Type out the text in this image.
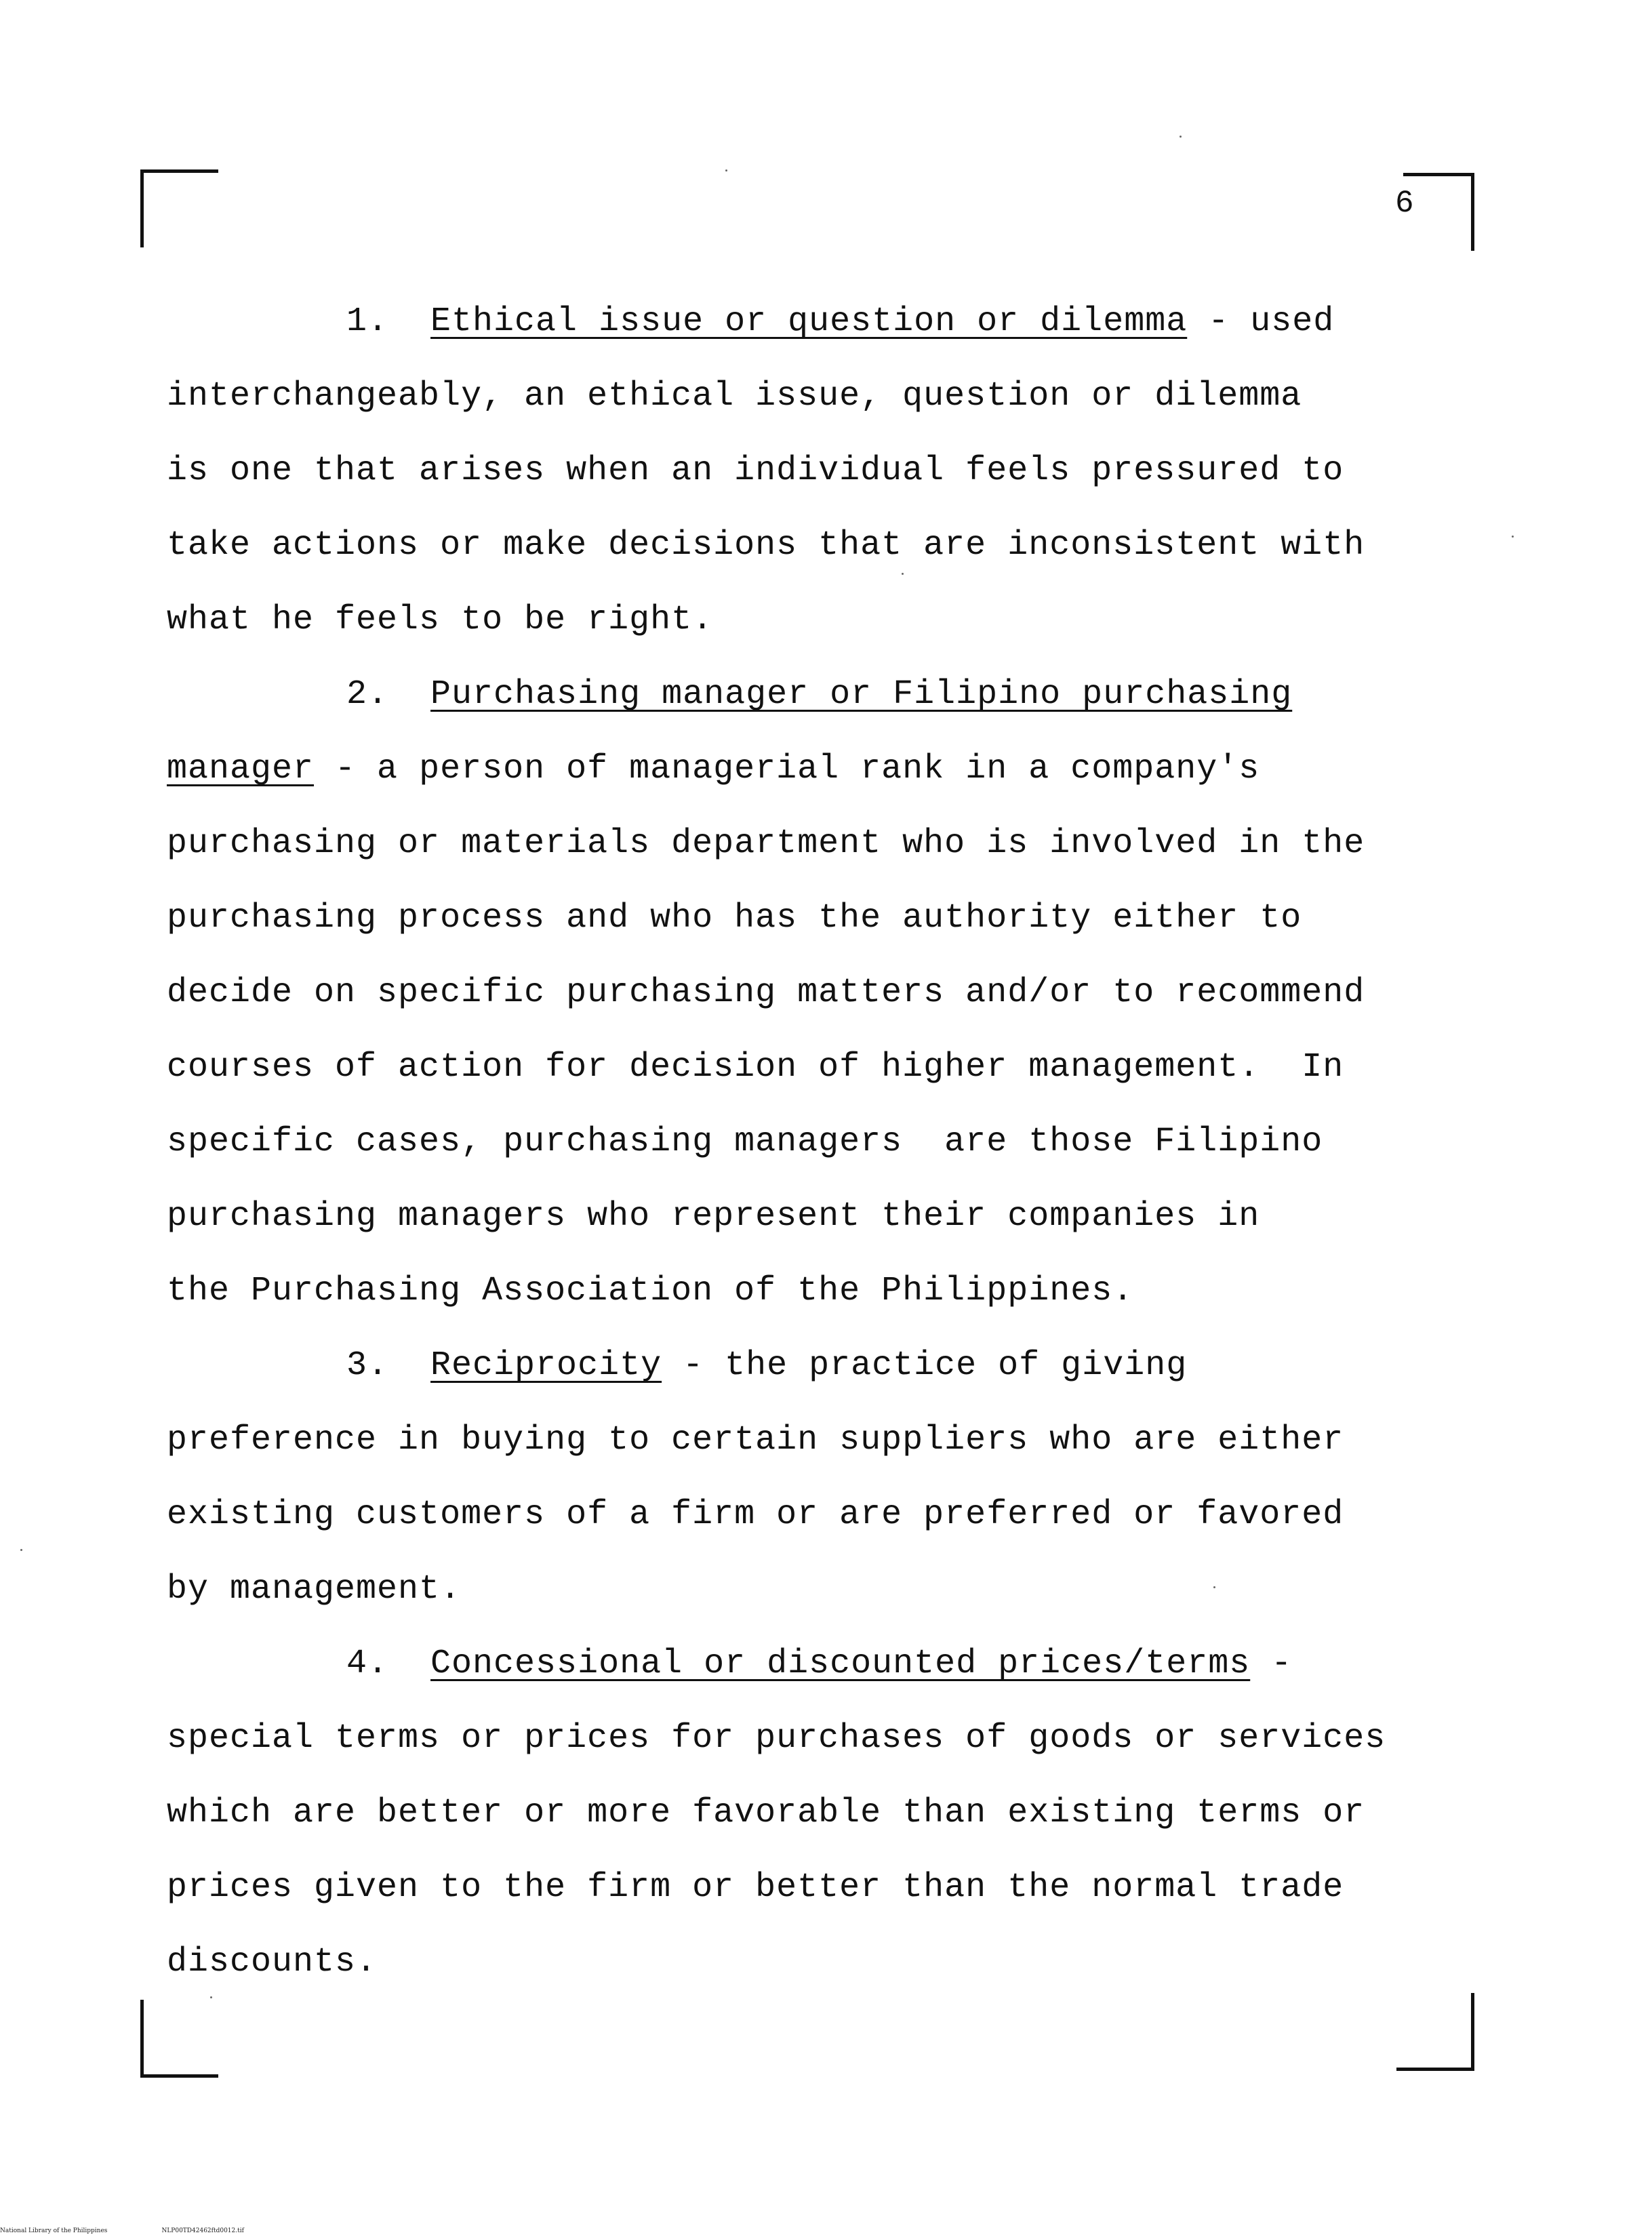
6
1. Ethical issue or question or dilemma - used
interchangeably, an ethical issue, question or dilemma
is one that arises when an individual feels pressured to
take actions or make decisions that are inconsistent with
what he feels to be right.
2. Purchasing manager or Filipino purchasing
manager - a person of managerial rank in a company's
purchasing or materials department who is involved in the
purchasing process and who has the authority either to
decide on specific purchasing matters and/or to recommend
courses of action for decision of higher management.  In
specific cases, purchasing managers  are those Filipino
purchasing managers who represent their companies in
the Purchasing Association of the Philippines.
3. Reciprocity - the practice of giving
preference in buying to certain suppliers who are either
existing customers of a firm or are preferred or favored
by management.
4. Concessional or discounted prices/terms -
special terms or prices for purchases of goods or services
which are better or more favorable than existing terms or
prices given to the firm or better than the normal trade
discounts.
National Library of the Philippines	NLP00TD42462ftd0012.tif
